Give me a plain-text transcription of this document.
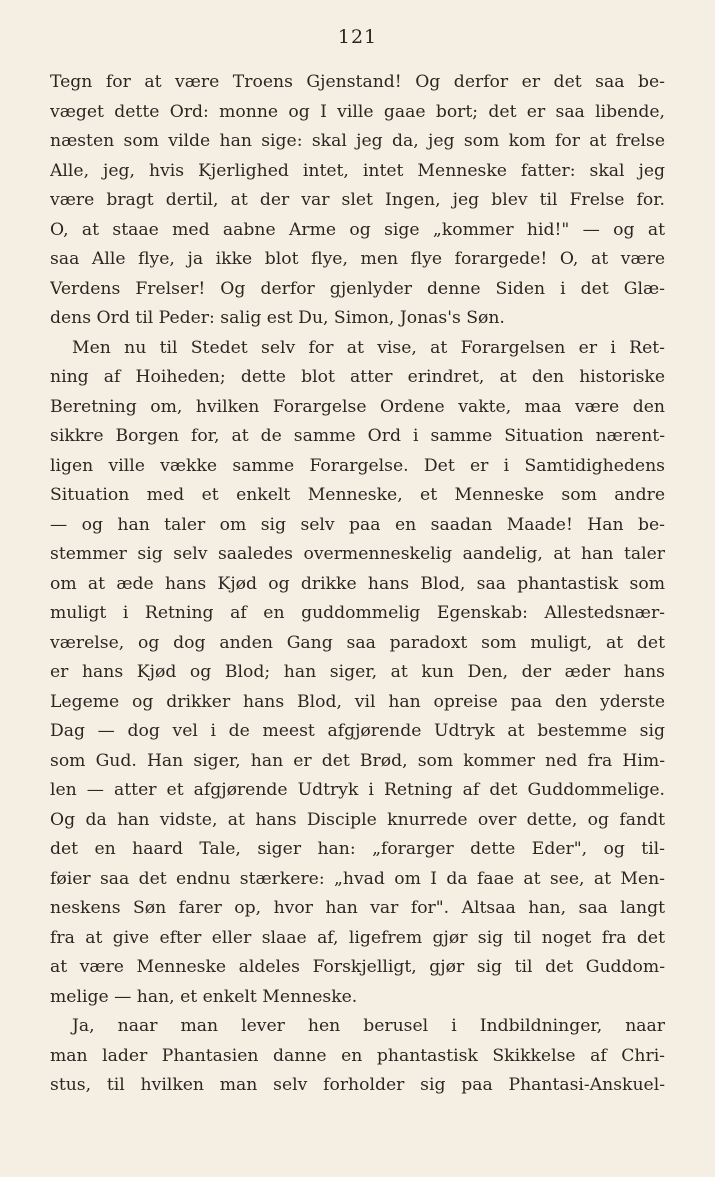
121
Tegn for at være Troens Gjenstand! Og derfor er det saa be-
væget dette Ord: monne og I ville gaae bort; det er saa libende,
næsten som vilde han sige: skal jeg da, jeg som kom for at frelse
Alle, jeg, hvis Kjerlighed intet, intet Menneske fatter: skal jeg
være bragt dertil, at der var slet Ingen, jeg blev til Frelse for.
O, at staae med aabne Arme og sige „kommer hid!" — og at
saa Alle flye, ja ikke blot flye, men flye forargede! O, at være
Verdens Frelser! Og derfor gjenlyder denne Siden i det Glæ-
dens Ord til Peder: salig est Du, Simon, Jonas's Søn.
Men nu til Stedet selv for at vise, at Forargelsen er i Ret-
ning af Hoiheden; dette blot atter erindret, at den historiske
Beretning om, hvilken Forargelse Ordene vakte, maa være den
sikkre Borgen for, at de samme Ord i samme Situation nærent-
ligen ville vække samme Forargelse. Det er i Samtidighedens
Situation med et enkelt Menneske, et Menneske som andre
— og han taler om sig selv paa en saadan Maade! Han be-
stemmer sig selv saaledes overmenneskelig aandelig, at han taler
om at æde hans Kjød og drikke hans Blod, saa phantastisk som
muligt i Retning af en guddommelig Egenskab: Allestedsnær-
værelse, og dog anden Gang saa paradoxt som muligt, at det
er hans Kjød og Blod; han siger, at kun Den, der æder hans
Legeme og drikker hans Blod, vil han opreise paa den yderste
Dag — dog vel i de meest afgjørende Udtryk at bestemme sig
som Gud. Han siger, han er det Brød, som kommer ned fra Him-
len — atter et afgjørende Udtryk i Retning af det Guddommelige.
Og da han vidste, at hans Disciple knurrede over dette, og fandt
det en haard Tale, siger han: „forarger dette Eder", og til-
føier saa det endnu stærkere: „hvad om I da faae at see, at Men-
neskens Søn farer op, hvor han var for". Altsaa han, saa langt
fra at give efter eller slaae af, ligefrem gjør sig til noget fra det
at være Menneske aldeles Forskjelligt, gjør sig til det Guddom-
melige — han, et enkelt Menneske.
Ja, naar man lever hen berusel i Indbildninger, naar
man lader Phantasien danne en phantastisk Skikkelse af Chri-
stus, til hvilken man selv forholder sig paa Phantasi-Anskuel-
